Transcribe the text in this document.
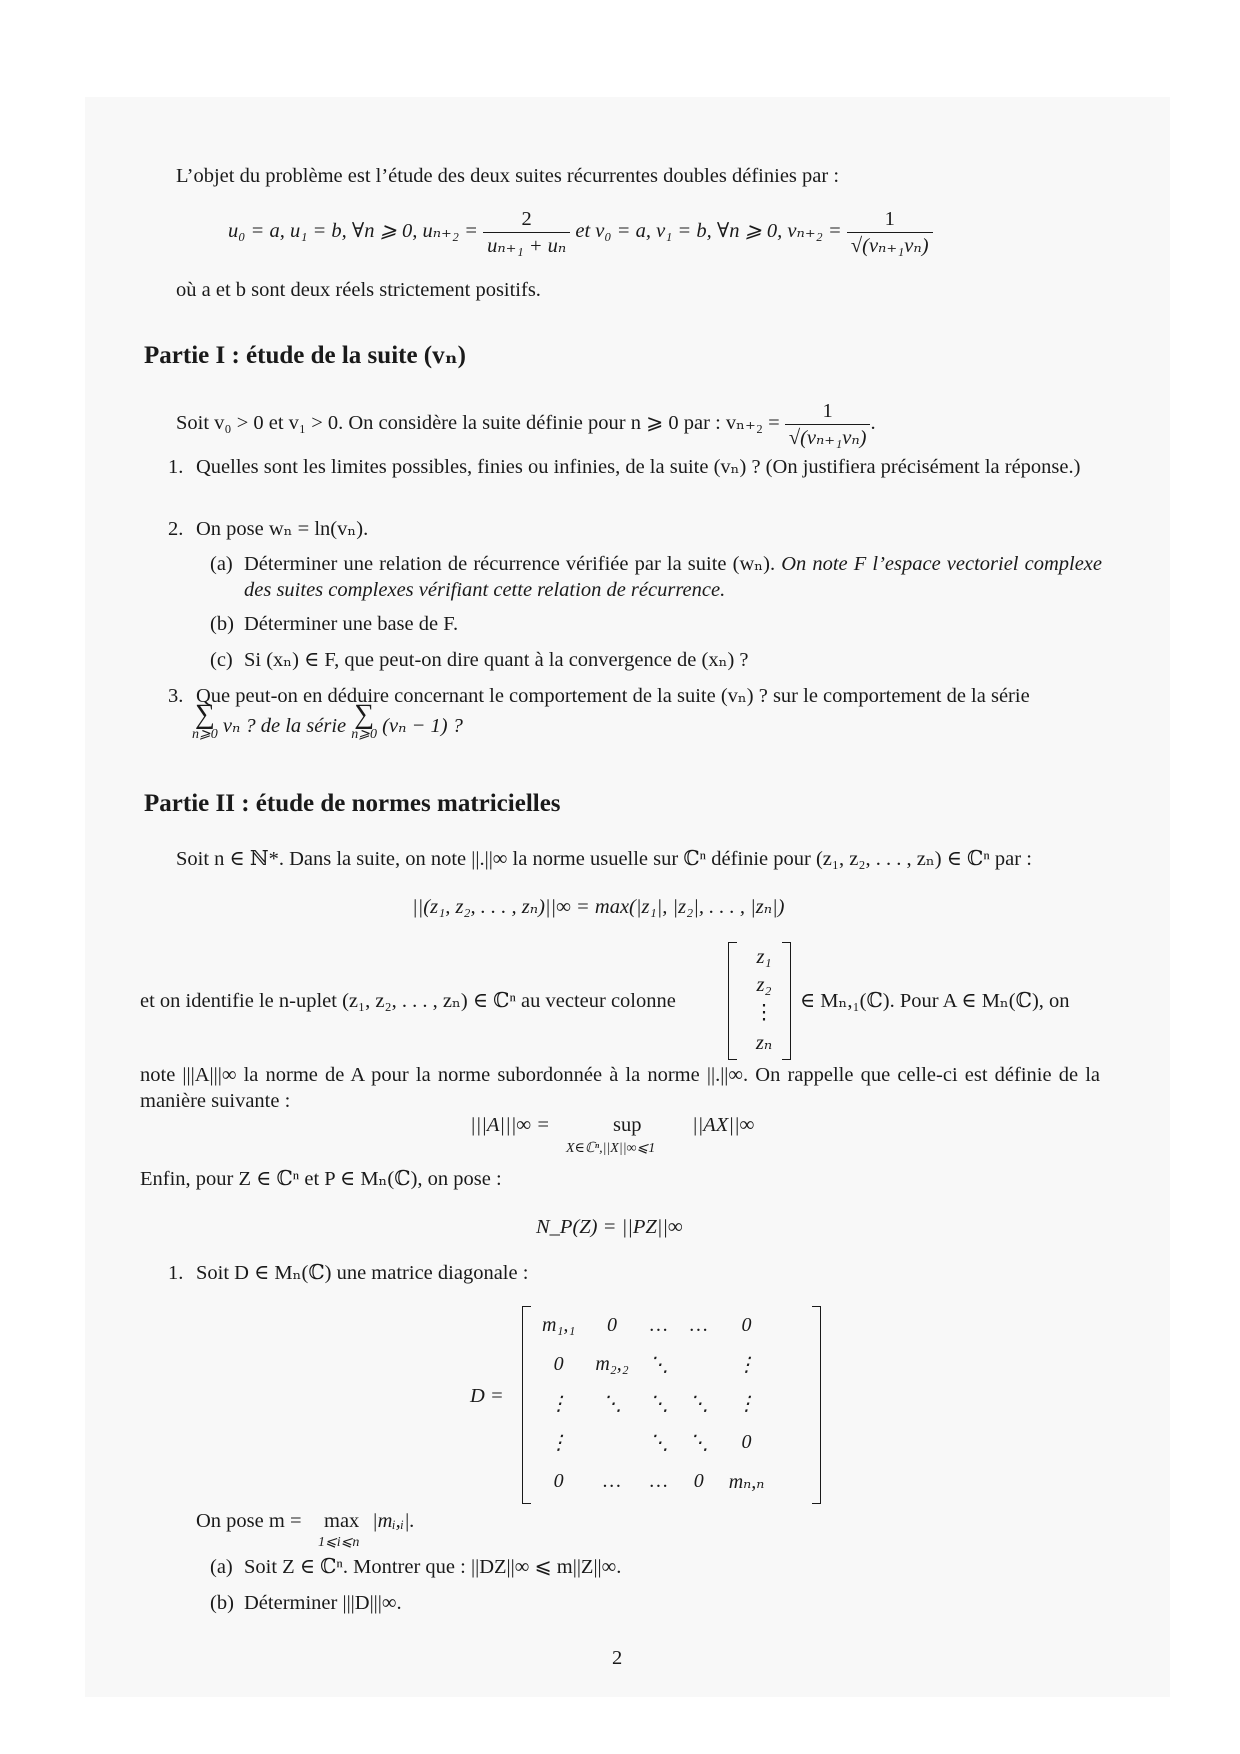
L’objet du problème est l’étude des deux suites récurrentes doubles définies par :
u₀ = a, u₁ = b, ∀n ⩾ 0, $u_{n+2} = \frac{2}{\text{uₙ₊₁ + uₙ}}$ et v₀ = a, v₁ = b, ∀n ⩾ 0, $v_{n+2} = \frac{1}{\text{√(vₙ₊₁vₙ)}}$
où a et b sont deux réels strictement positifs.
Partie I : étude de la suite (vₙ)
Soit v₀ > 0 et v₁ > 0. On considère la suite définie pour n ⩾ 0 par : $v_{n+2} = \frac{1}{\text{√(vₙ₊₁vₙ)}}$ .
1. Quelles sont les limites possibles, finies ou infinies, de la suite (vₙ) ? (On justifiera précisément la réponse.)
2. On pose wₙ = ln(vₙ).
(a) Déterminer une relation de récurrence vérifiée par la suite (wₙ). On note F l’espace vectoriel complexe des suites complexes vérifiant cette relation de récurrence.
(b) Déterminer une base de F.
(c) Si (xₙ) ∈ F, que peut-on dire quant à la convergence de (xₙ) ?
3. Que peut-on en déduire concernant le comportement de la suite (vₙ) ? sur le comportement de la série
∑
n⩾0 vₙ ? de la série ∑
n⩾0 (vₙ − 1) ?
Partie II : étude de normes matricielles
Soit n ∈ ℕ*. Dans la suite, on note ||.||∞ la norme usuelle sur ℂⁿ définie pour (z₁, z₂, . . . , zₙ) ∈ ℂⁿ par :
||(z₁, z₂, . . . , zₙ)||∞ = max(|z₁|, |z₂|, . . . , |zₙ|)
et on identifie le n-uplet (z₁, z₂, . . . , zₙ) ∈ ℂⁿ au vecteur colonne
z₁
z₂
⋮
zₙ
∈ Mₙ,₁(ℂ). Pour A ∈ Mₙ(ℂ), on
note |||A|||∞ la norme de A pour la norme subordonnée à la norme ||.||∞. On rappelle que celle-ci est définie de la manière suivante :
|||A|||∞ =	sup
X∈ℂⁿ,||X||∞⩽1
||AX||∞
Enfin, pour Z ∈ ℂⁿ et P ∈ Mₙ(ℂ), on pose :
N_P(Z) = ||PZ||∞
1. Soit D ∈ Mₙ(ℂ) une matrice diagonale :
D =
m₁,₁	0	…	…	0
0	m₂,₂	⋱		⋮
⋮	⋱	⋱	⋱	⋮
⋮		⋱	⋱	0
0	…	…	0	mₙ,ₙ
On pose m = max
1⩽i⩽n
|mᵢ,ᵢ|.
(a) Soit Z ∈ ℂⁿ. Montrer que : ||DZ||∞ ⩽ m||Z||∞.
(b) Déterminer |||D|||∞.
2
